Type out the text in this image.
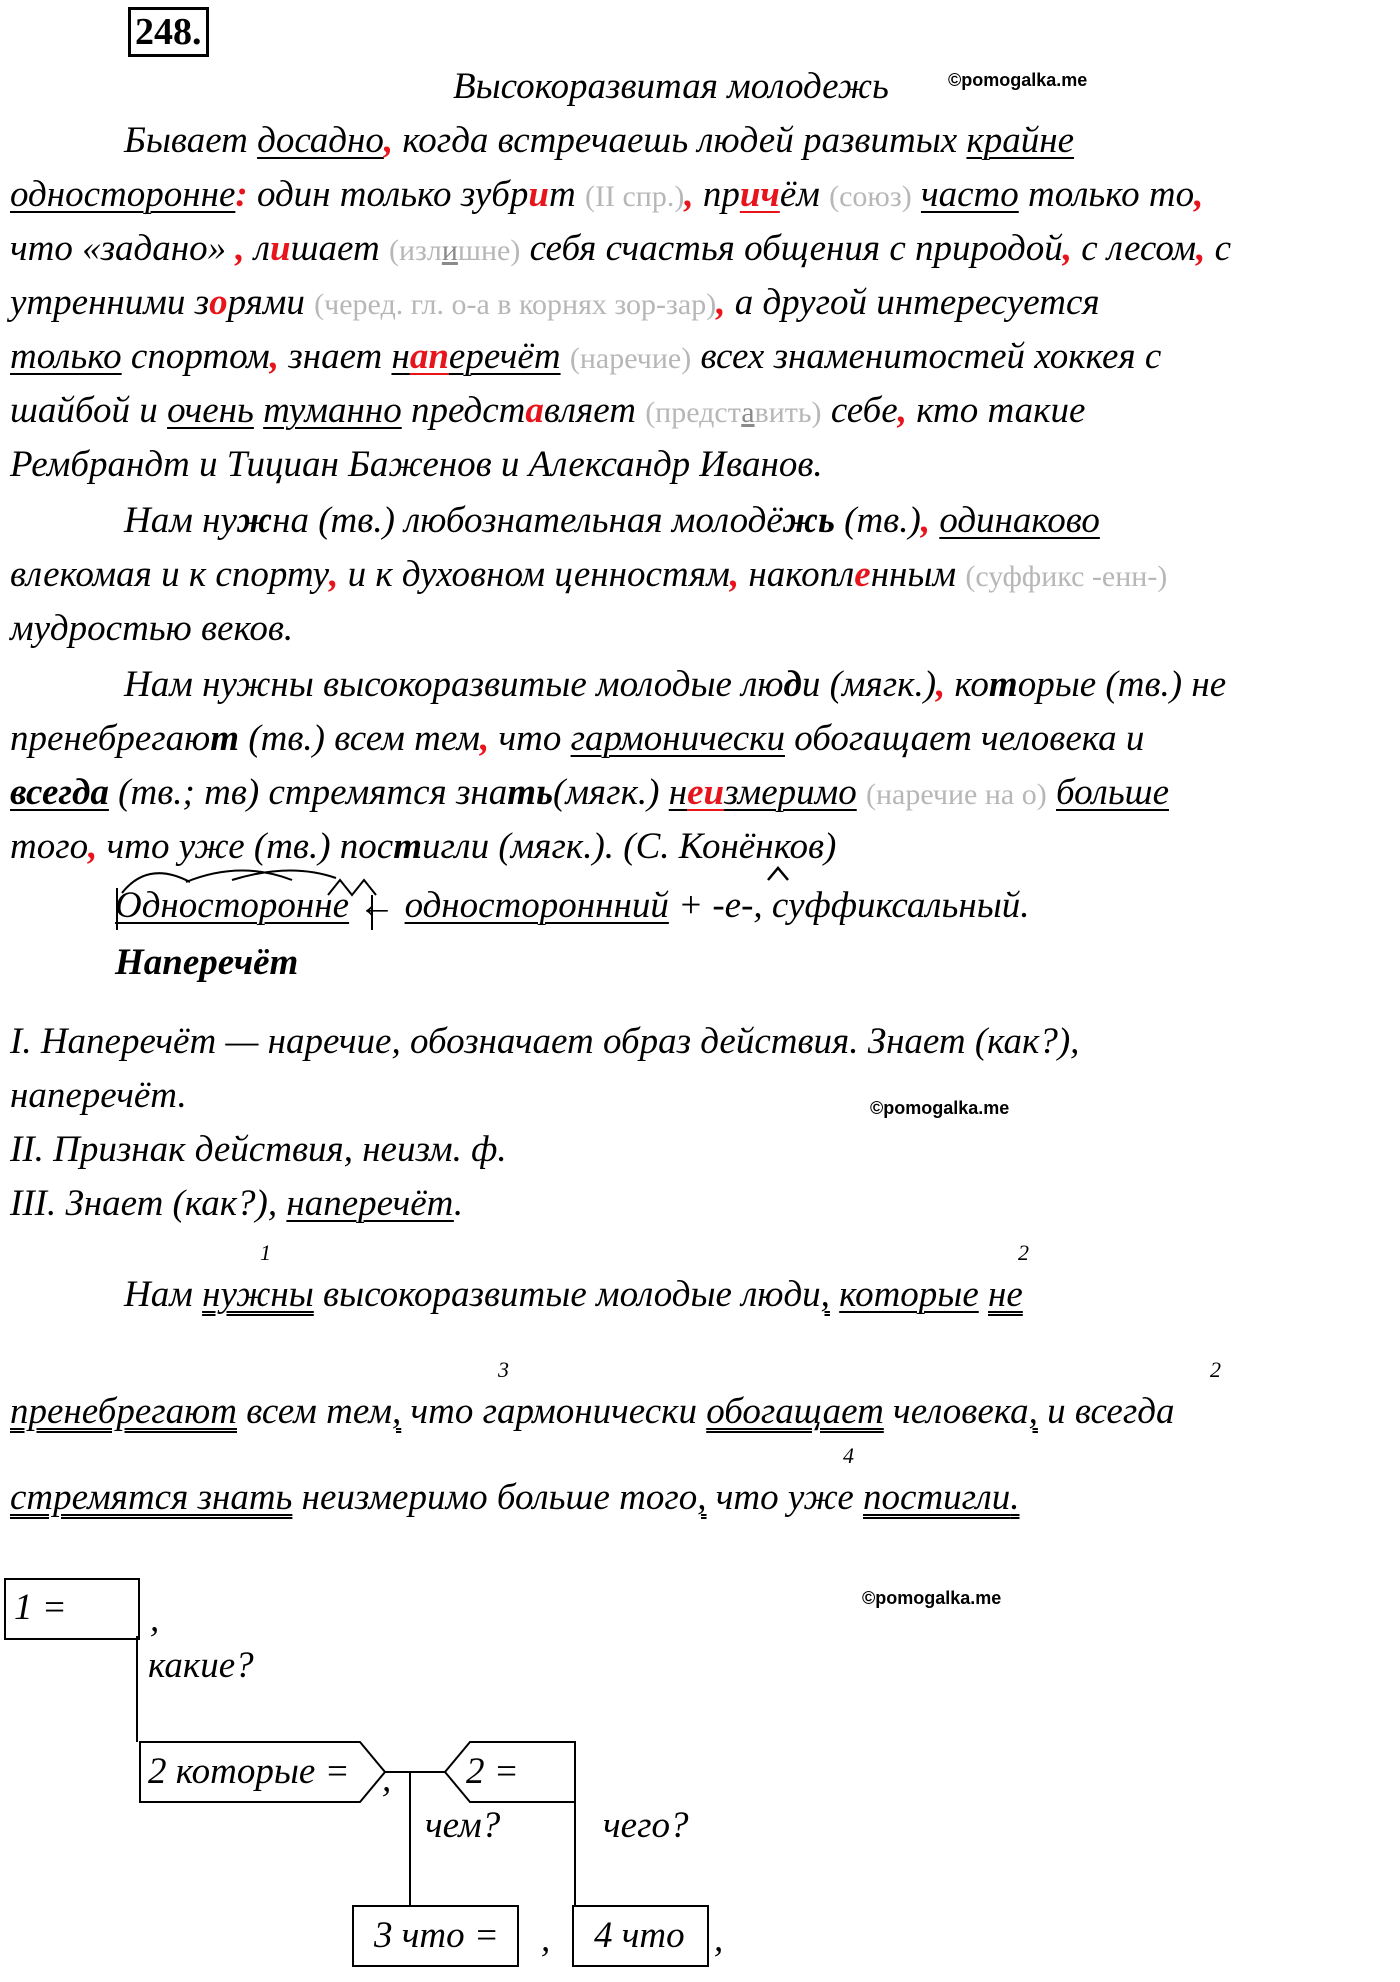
248.
©pomogalka.me
©pomogalka.me
©pomogalka.me
Высокоразвитая молодежь
Бывает досадно, когда встречаешь людей развитых крайне
односторонне: один только зубрит (II спр.), причём (союз) часто только то,
что «задано» , лишает (излишне) себя счастья общения с природой, с лесом, с
утренними зорями (черед. гл. о-а в корнях зор-зар), а другой интересуется
только спортом, знает наперечёт (наречие) всех знаменитостей хоккея с
шайбой и очень туманно представляет (представить) себе, кто такие
Рембрандт и Тициан Баженов и Александр Иванов.
Нам нужна (тв.) любознательная молодёжь (тв.), одинаково
влекомая и к спорту, и к духовном ценностям, накопленным (суффикс -енн-)
мудростью веков.
Нам нужны высокоразвитые молодые люди (мягк.), которые (тв.) не
пренебрегают (тв.) всем тем, что гармонически обогащает человека и
всегда (тв.; тв) стремятся знать(мягк.) неизмеримо (наречие на о) больше
того, что уже (тв.) постигли (мягк.). (С. Конёнков)
Односторонне ← одностороннний + -е-, суффиксальный.
Наперечёт
I. Наперечёт — наречие, обозначает образ действия. Знает (как?),
наперечёт.
II. Признак действия, неизм. ф.
III. Знает (как?), наперечёт.
1	2
Нам нужны высокоразвитые молодые люди, которые не
3	2
пренебрегают всем тем, что гармонически обогащает человека, и всегда
4
стремятся знать неизмеримо больше того, что уже постигли.
1 = ,
какие?
2 которые = , 2 =
чем?	чего?
3 что = , 4 что ,
